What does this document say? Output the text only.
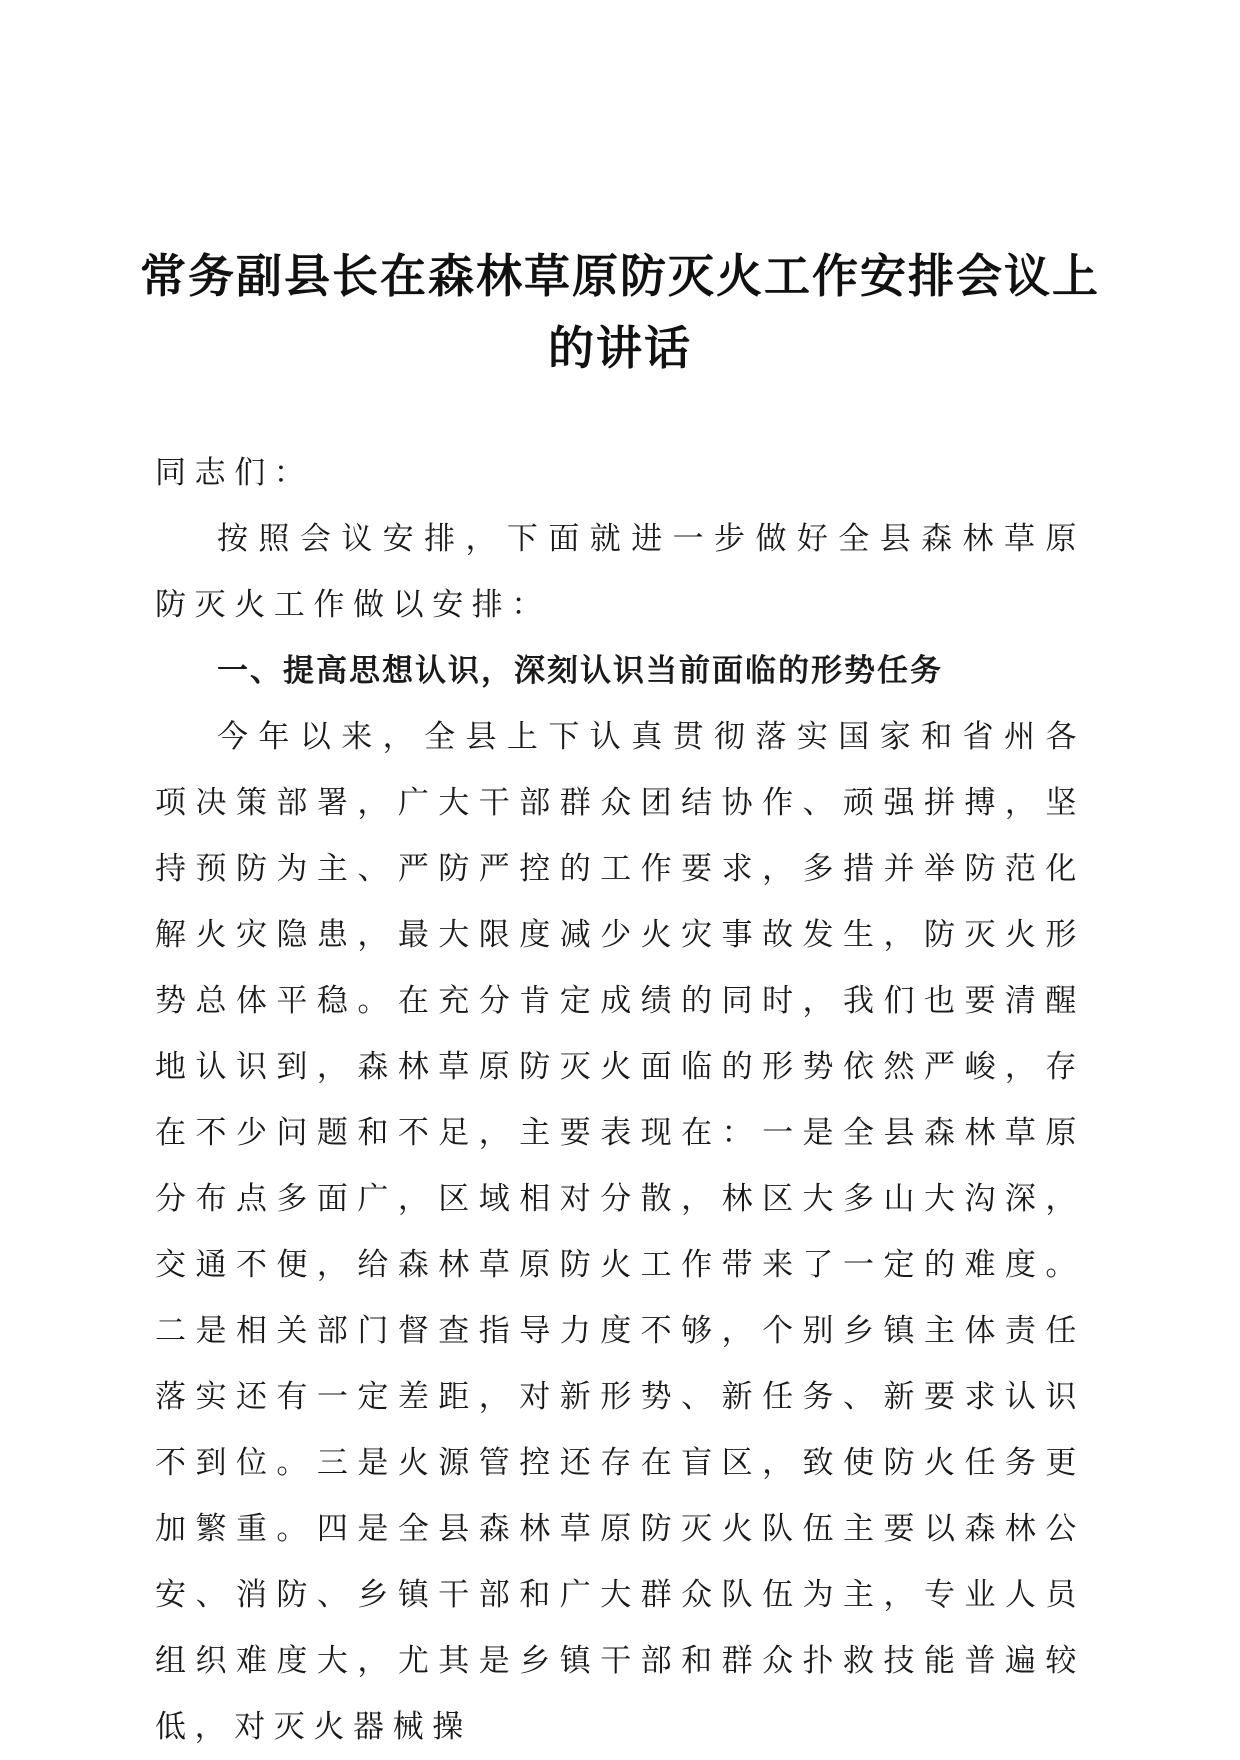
常务副县长在森林草原防灭火工作安排会议上
的讲话

同志们：

按照会议安排，下面就进一步做好全县森林草原防灭火工作做以安排：

一、提高思想认识，深刻认识当前面临的形势任务

今年以来，全县上下认真贯彻落实国家和省州各项决策部署，广大干部群众团结协作、顽强拼搏，坚持预防为主、严防严控的工作要求，多措并举防范化解火灾隐患，最大限度减少火灾事故发生，防灭火形势总体平稳。在充分肯定成绩的同时，我们也要清醒地认识到，森林草原防灭火面临的形势依然严峻，存在不少问题和不足，主要表现在：一是全县森林草原分布点多面广，区域相对分散，林区大多山大沟深，交通不便，给森林草原防火工作带来了一定的难度。二是相关部门督查指导力度不够，个别乡镇主体责任落实还有一定差距，对新形势、新任务、新要求认识不到位。三是火源管控还存在盲区，致使防火任务更加繁重。四是全县森林草原防灭火队伍主要以森林公安、消防、乡镇干部和广大群众队伍为主，专业人员组织难度大，尤其是乡镇干部和群众扑救技能普遍较低，对灭火器械操
